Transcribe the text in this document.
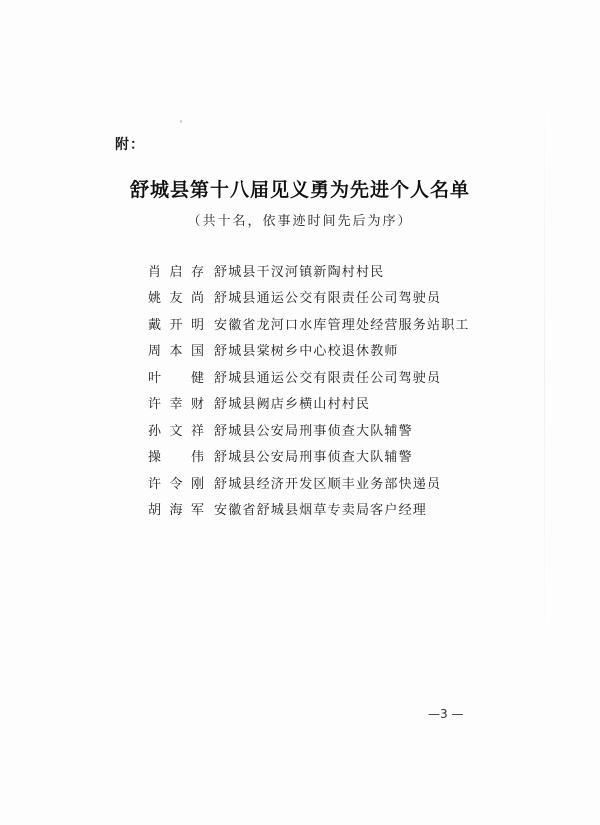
附：
舒城县第十八届见义勇为先进个人名单
（共十名，依事迹时间先后为序）
肖启存 舒城县干汊河镇新陶村村民
姚友尚 舒城县通运公交有限责任公司驾驶员
戴开明 安徽省龙河口水库管理处经营服务站职工
周本国 舒城县棠树乡中心校退休教师
叶　健 舒城县通运公交有限责任公司驾驶员
许幸财 舒城县阙店乡横山村村民
孙文祥 舒城县公安局刑事侦查大队辅警
操　伟 舒城县公安局刑事侦查大队辅警
许令刚 舒城县经济开发区顺丰业务部快递员
胡海军 安徽省舒城县烟草专卖局客户经理
—3 —
